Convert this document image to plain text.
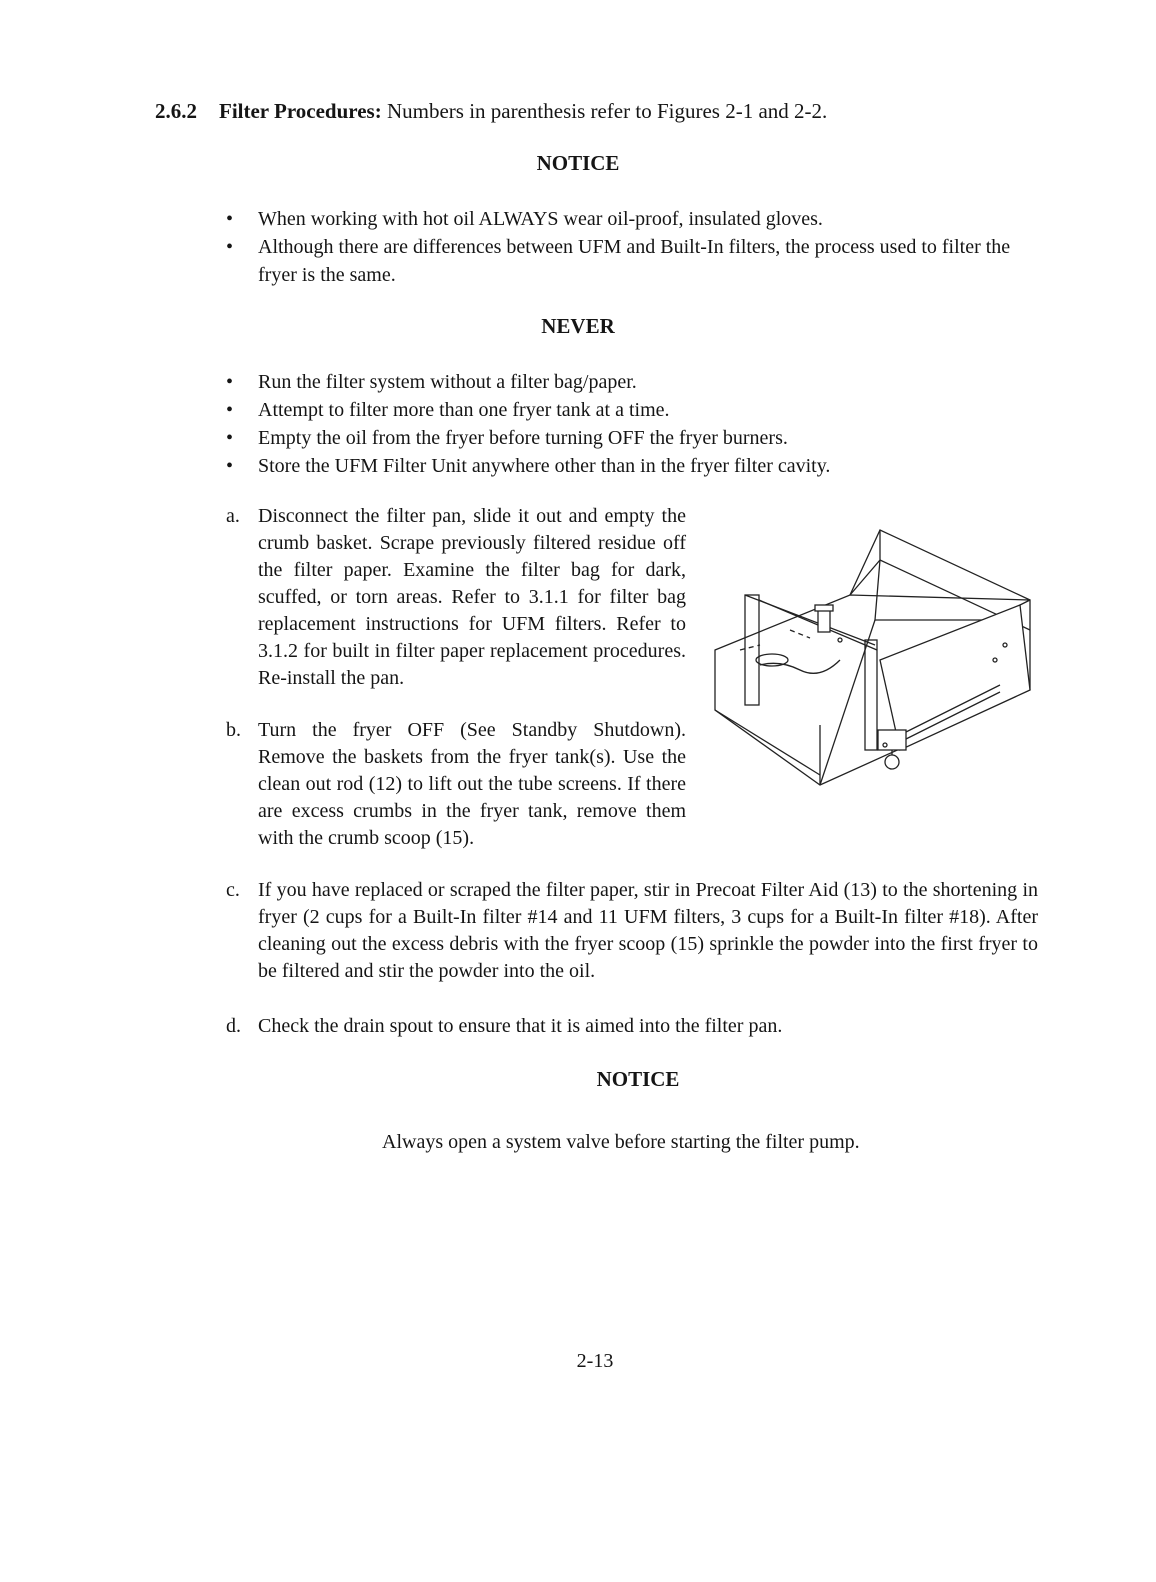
2.6.2 Filter Procedures: Numbers in parenthesis refer to Figures 2-1 and 2-2.
NOTICE
• When working with hot oil ALWAYS wear oil-proof, insulated gloves.
• Although there are differences between UFM and Built-In filters, the process used to filter the fryer is the same.
NEVER
• Run the filter system without a filter bag/paper.
• Attempt to filter more than one fryer tank at a time.
• Empty the oil from the fryer before turning OFF the fryer burners.
• Store the UFM Filter Unit anywhere other than in the fryer filter cavity.
a. Disconnect the filter pan, slide it out and empty the crumb basket. Scrape previously filtered residue off the filter paper. Examine the filter bag for dark, scuffed, or torn areas. Refer to 3.1.1 for filter bag replacement instructions for UFM filters. Refer to 3.1.2 for built in filter paper replacement procedures. Re-install the pan.
b. Turn the fryer OFF (See Standby Shutdown). Remove the baskets from the fryer tank(s). Use the clean out rod (12) to lift out the tube screens. If there are excess crumbs in the fryer tank, remove them with the crumb scoop (15).
c. If you have replaced or scraped the filter paper, stir in Precoat Filter Aid (13) to the shortening in fryer (2 cups for a Built-In filter #14 and 11 UFM filters, 3 cups for a Built-In filter #18). After cleaning out the excess debris with the fryer scoop (15) sprinkle the powder into the first fryer to be filtered and stir the powder into the oil.
d. Check the drain spout to ensure that it is aimed into the filter pan.
NOTICE
Always open a system valve before starting the filter pump.
2-13
